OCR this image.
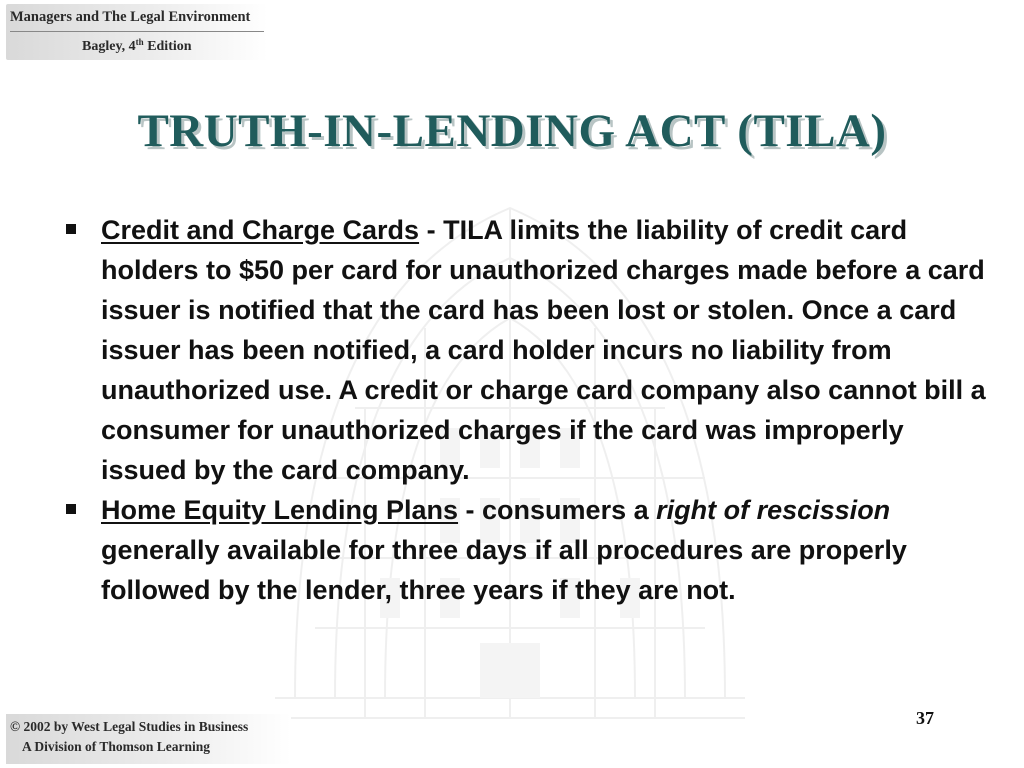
Managers and The Legal Environment
Bagley, 4th Edition
TRUTH-IN-LENDING ACT (TILA)
Credit and Charge Cards - TILA limits the liability of credit card holders to $50 per card for unauthorized charges made before a card issuer is notified that the card has been lost or stolen. Once a card issuer has been notified, a card holder incurs no liability from unauthorized use. A credit or charge card company also cannot bill a consumer for unauthorized charges if the card was improperly issued by the card company.
Home Equity Lending Plans - consumers a right of rescission generally available for three days if all procedures are properly followed by the lender, three years if they are not.
37
© 2002 by West Legal Studies in Business
A Division of Thomson Learning
